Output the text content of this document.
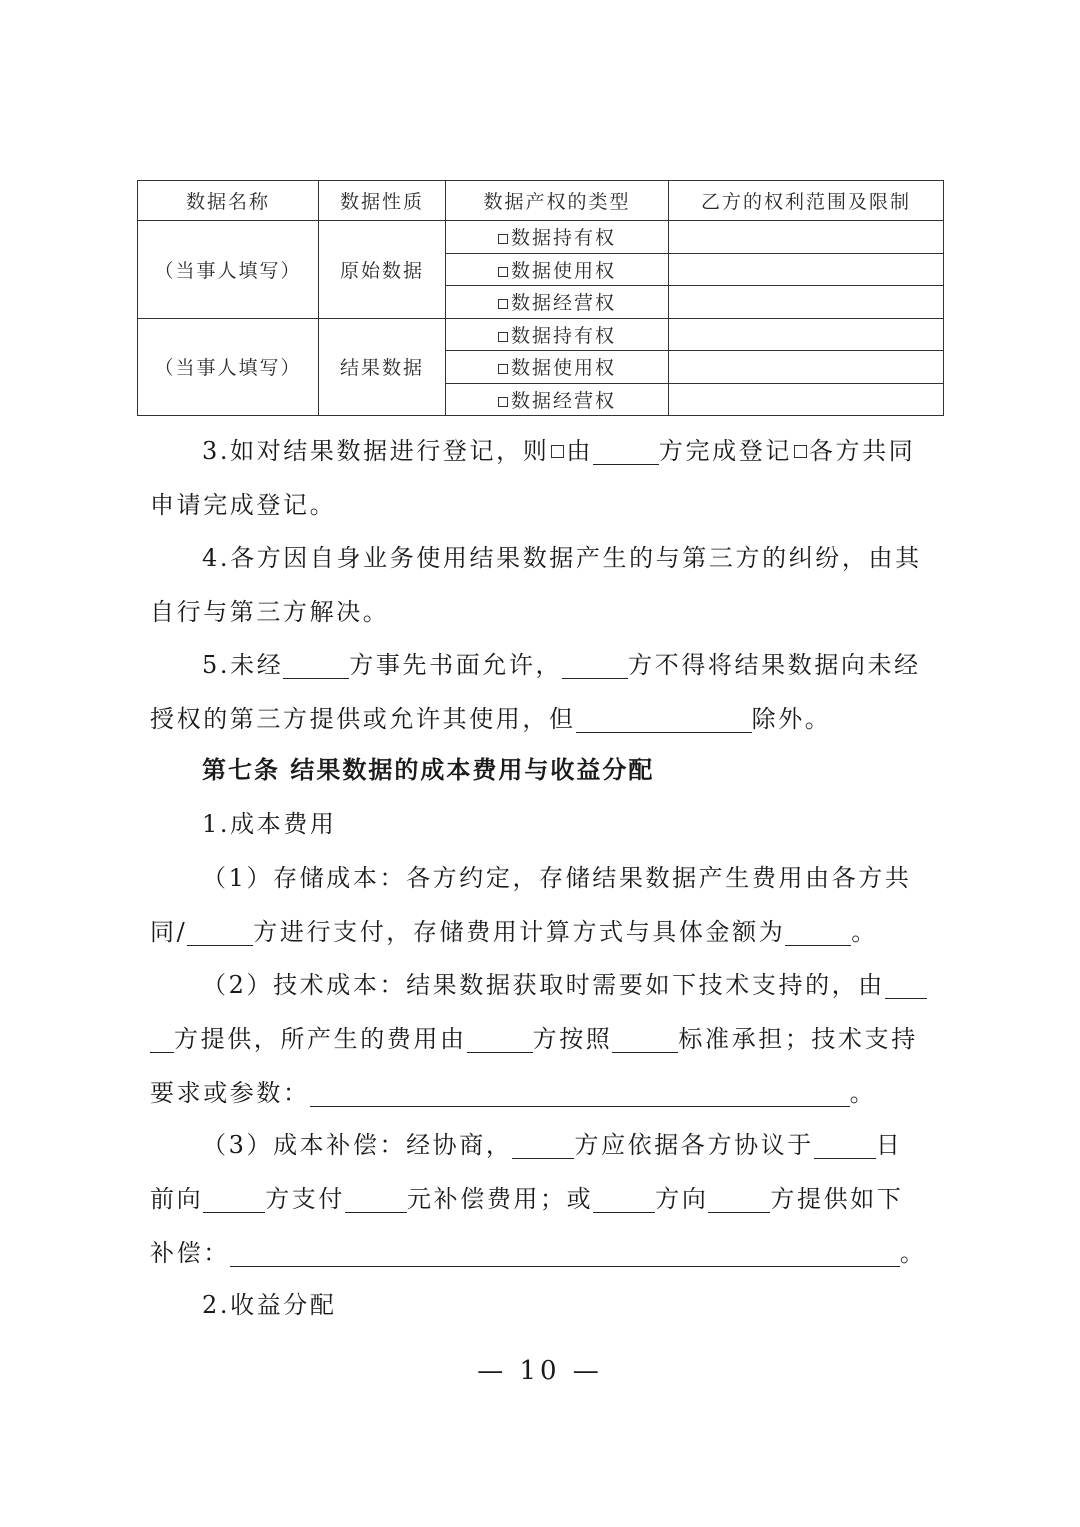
数据名称	数据性质	数据产权的类型	乙方的权利范围及限制
（当事人填写）	原始数据	数据持有权	
		数据使用权	
		数据经营权	
（当事人填写）	结果数据	数据持有权	
		数据使用权	
		数据经营权	
3.如对结果数据进行登记，则 由	方完成登记 各方共同
申请完成登记。
4.各方因自身业务使用结果数据产生的与第三方的纠纷，由其
自行与第三方解决。
5.未经	方事先书面允许，	方不得将结果数据向未经
授权的第三方提供或允许其使用，但	除外。
第七条 结果数据的成本费用与收益分配
1.成本费用
（1）存储成本：各方约定，存储结果数据产生费用由各方共
同/	方进行支付，存储费用计算方式与具体金额为	。
（2）技术成本：结果数据获取时需要如下技术支持的，由
方提供，所产生的费用由	方按照	标准承担；技术支持
要求或参数：	。
（3）成本补偿：经协商，	方应依据各方协议于	日
前向	方支付	元补偿费用；或	方向	方提供如下
补偿：	。
2.收益分配
— 10 —
